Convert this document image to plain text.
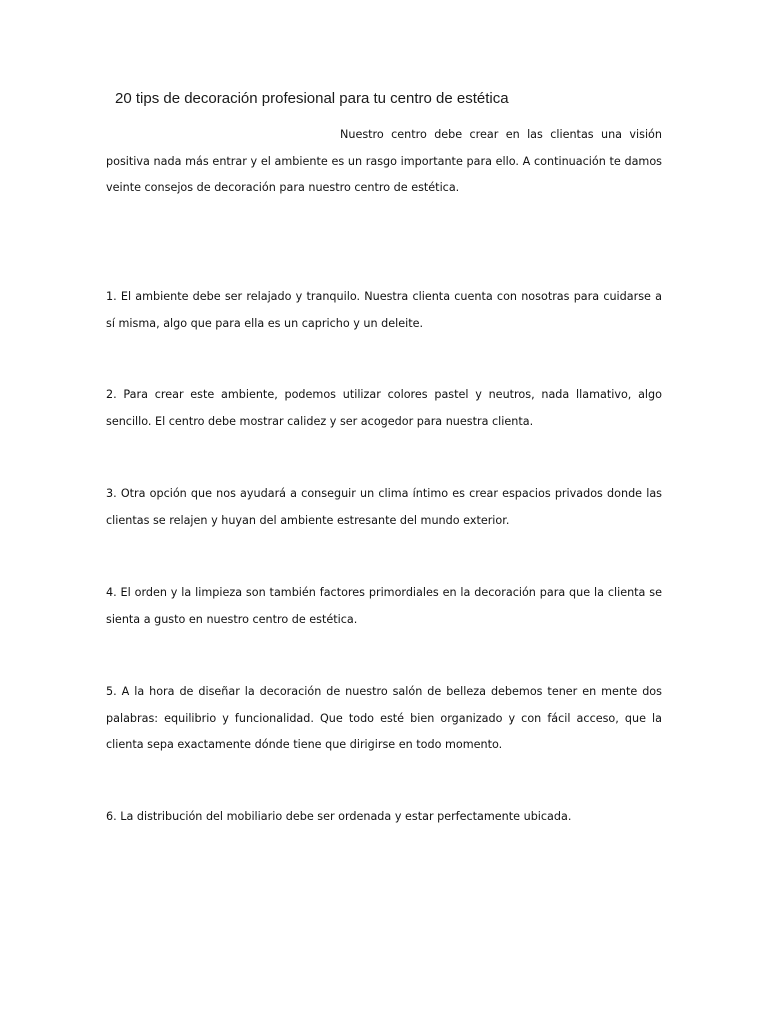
20 tips de decoración profesional para tu centro de estética

Nuestro centro debe crear en las clientas una visión positiva nada más entrar y el ambiente es un rasgo importante para ello. A continuación te damos veinte consejos de decoración para nuestro centro de estética.

1. El ambiente debe ser relajado y tranquilo. Nuestra clienta cuenta con nosotras para cuidarse a sí misma, algo que para ella es un capricho y un deleite.

2. Para crear este ambiente, podemos utilizar colores pastel y neutros, nada llamativo, algo sencillo. El centro debe mostrar calidez y ser acogedor para nuestra clienta.

3. Otra opción que nos ayudará a conseguir un clima íntimo es crear espacios privados donde las clientas se relajen y huyan del ambiente estresante del mundo exterior.

4. El orden y la limpieza son también factores primordiales en la decoración para que la clienta se sienta a gusto en nuestro centro de estética.

5. A la hora de diseñar la decoración de nuestro salón de belleza debemos tener en mente dos palabras: equilibrio y funcionalidad. Que todo esté bien organizado y con fácil acceso, que la clienta sepa exactamente dónde tiene que dirigirse en todo momento.

6. La distribución del mobiliario debe ser ordenada y estar perfectamente ubicada.
